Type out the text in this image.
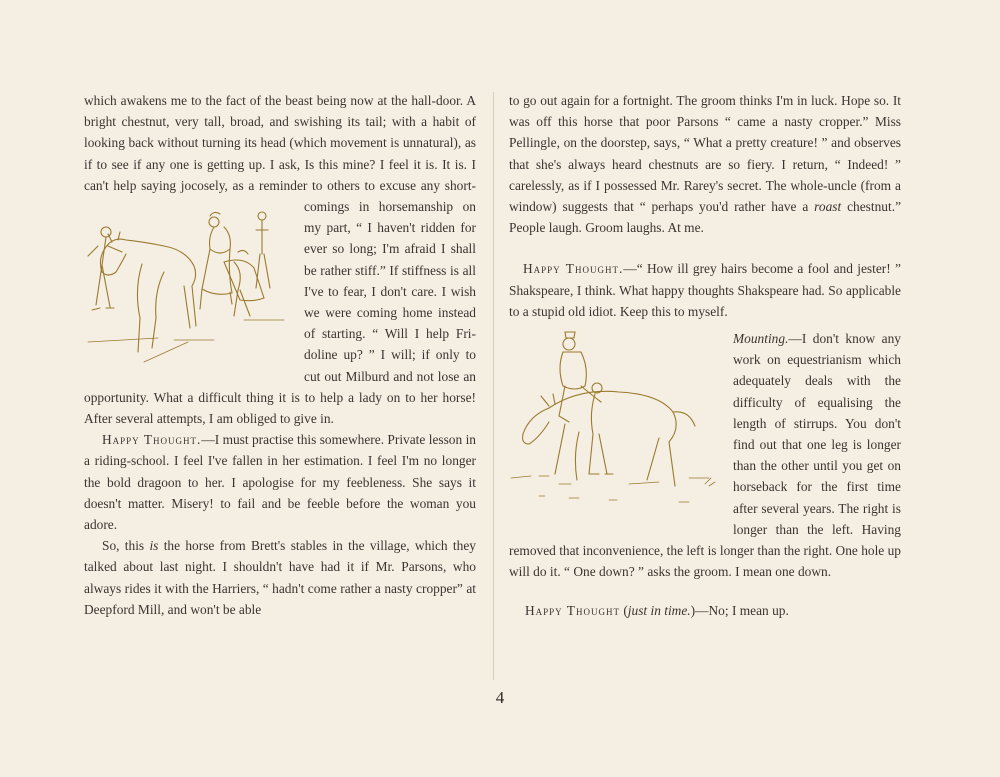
which awakens me to the fact of the beast being now at the hall-door. A bright chestnut, very tall, broad, and swishing its tail; with a habit of looking back without turning its head (which movement is unnatural), as if to see if any one is getting up. I ask, Is this mine? I feel it is. It is. I can't help saying jocosely, as a reminder to others to excuse any short-
comings in horsemanship on my part, “ I haven't ridden for ever so long; I'm afraid I shall be rather stiff.” If stiffness is all I've to fear, I don't care. I wish we were coming home instead of starting. “ Will I help Fri-doline up? ” I will; if only to cut out Milburd and not lose an opportunity. What a difficult thing it is to help a lady on to her horse! After several attempts, I am obliged to give in.

Happy Thought.—I must practise this somewhere. Private lesson in a riding-school. I feel I've fallen in her estimation. I feel I'm no longer the bold dragoon to her. I apologise for my feebleness. She says it doesn't matter. Misery! to fail and be feeble before the woman you adore.

So, this is the horse from Brett's stables in the village, which they talked about last night. I shouldn't have had it if Mr. Parsons, who always rides it with the Harriers, “ hadn't come rather a nasty cropper” at Deepford Mill, and won't be able

to go out again for a fortnight. The groom thinks I'm in luck. Hope so. It was off this horse that poor Parsons “ came a nasty cropper.” Miss Pellingle, on the doorstep, says, “ What a pretty creature! ” and observes that she's always heard chestnuts are so fiery. I return, “ Indeed! ” carelessly, as if I possessed Mr. Rarey's secret. The whole-uncle (from a window) suggests that “ perhaps you'd rather have a roast chestnut.” People laugh. Groom laughs. At me.

Happy Thought.—“ How ill grey hairs become a fool and jester! ” Shakspeare, I think. What happy thoughts Shakspeare had. So applicable to a stupid old idiot. Keep this to myself.

Mounting.—I don't know any work on equestrianism which adequately deals with the difficulty of equalising the length of stirrups. You don't find out that one leg is longer than the other until you get on horseback for the first time after several years. The right is longer than the left. Having removed that inconvenience, the left is longer than the right. One hole up will do it. “ One down? ” asks the groom. I mean one down.

Happy Thought (just in time.)—No; I mean up.

4
